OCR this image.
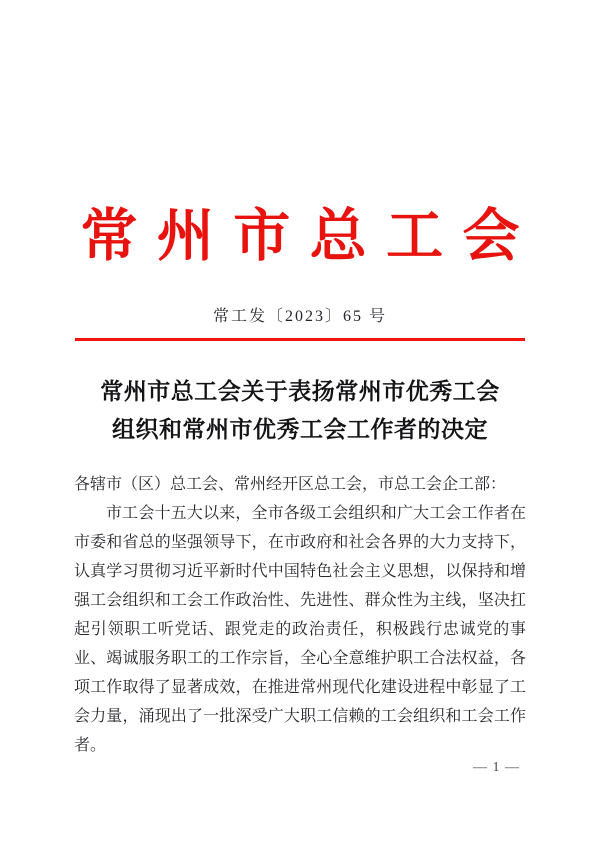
常州市总工会
常工发〔2023〕65 号
常州市总工会关于表扬常州市优秀工会
组织和常州市优秀工会工作者的决定

各辖市（区）总工会、常州经开区总工会，市总工会企工部：

市工会十五大以来，全市各级工会组织和广大工会工作者在市委和省总的坚强领导下，在市政府和社会各界的大力支持下，认真学习贯彻习近平新时代中国特色社会主义思想，以保持和增强工会组织和工会工作政治性、先进性、群众性为主线，坚决扛起引领职工听党话、跟党走的政治责任，积极践行忠诚党的事业、竭诚服务职工的工作宗旨，全心全意维护职工合法权益，各项工作取得了显著成效，在推进常州现代化建设进程中彰显了工会力量，涌现出了一批深受广大职工信赖的工会组织和工会工作者。

— 1 —
